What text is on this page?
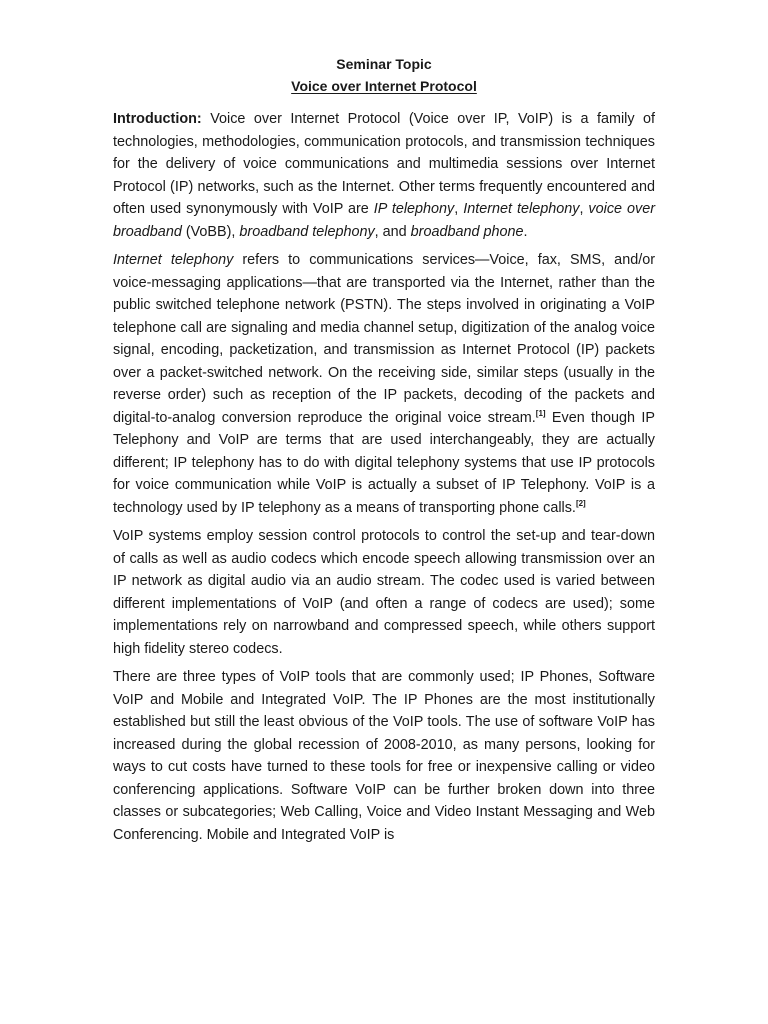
Seminar Topic
Voice over Internet Protocol

Introduction: Voice over Internet Protocol (Voice over IP, VoIP) is a family of technologies, methodologies, communication protocols, and transmission techniques for the delivery of voice communications and multimedia sessions over Internet Protocol (IP) networks, such as the Internet. Other terms frequently encountered and often used synonymously with VoIP are IP telephony, Internet telephony, voice over broadband (VoBB), broadband telephony, and broadband phone.

Internet telephony refers to communications services—Voice, fax, SMS, and/or voice-messaging applications—that are transported via the Internet, rather than the public switched telephone network (PSTN). The steps involved in originating a VoIP telephone call are signaling and media channel setup, digitization of the analog voice signal, encoding, packetization, and transmission as Internet Protocol (IP) packets over a packet-switched network. On the receiving side, similar steps (usually in the reverse order) such as reception of the IP packets, decoding of the packets and digital-to-analog conversion reproduce the original voice stream.[1] Even though IP Telephony and VoIP are terms that are used interchangeably, they are actually different; IP telephony has to do with digital telephony systems that use IP protocols for voice communication while VoIP is actually a subset of IP Telephony. VoIP is a technology used by IP telephony as a means of transporting phone calls.[2]

VoIP systems employ session control protocols to control the set-up and tear-down of calls as well as audio codecs which encode speech allowing transmission over an IP network as digital audio via an audio stream. The codec used is varied between different implementations of VoIP (and often a range of codecs are used); some implementations rely on narrowband and compressed speech, while others support high fidelity stereo codecs.

There are three types of VoIP tools that are commonly used; IP Phones, Software VoIP and Mobile and Integrated VoIP. The IP Phones are the most institutionally established but still the least obvious of the VoIP tools. The use of software VoIP has increased during the global recession of 2008-2010, as many persons, looking for ways to cut costs have turned to these tools for free or inexpensive calling or video conferencing applications. Software VoIP can be further broken down into three classes or subcategories; Web Calling, Voice and Video Instant Messaging and Web Conferencing. Mobile and Integrated VoIP is
